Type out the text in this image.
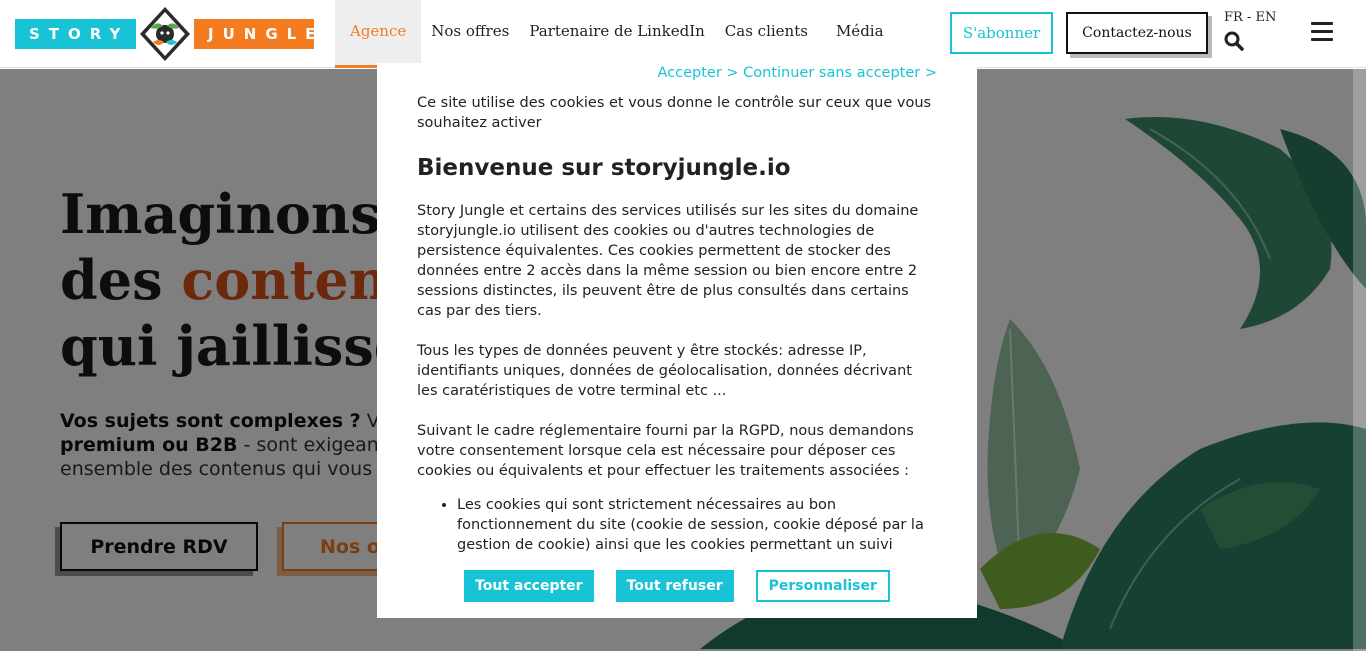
STORY	JUNGLE	Agence	Nos offres	Partenaire de LinkedIn	Cas clients	Média	S'abonner	Contactez-nous
FR - EN
Accepter > Continuer sans accepter >
Ce site utilise des cookies et vous donne le contrôle sur ceux que vous souhaitez activer
Bienvenue sur storyjungle.io
Story Jungle et certains des services utilisés sur les sites du domaine storyjungle.io utilisent des cookies ou d'autres technologies de persistence équivalentes. Ces cookies permettent de stocker des données entre 2 accès dans la même session ou bien encore entre 2 sessions distinctes, ils peuvent être de plus consultés dans certains cas par des tiers.
Tous les types de données peuvent y être stockés: adresse IP, identifiants uniques, données de géolocalisation, données décrivant les caratéristiques de votre terminal etc ...
Suivant le cadre réglementaire fourni par la RGPD, nous demandons votre consentement lorsque cela est nécessaire pour déposer ces cookies ou équivalents et pour effectuer les traitements associées :
• Les cookies qui sont strictement nécessaires au bon fonctionnement du site (cookie de session, cookie déposé par la gestion de cookie) ainsi que les cookies permettant un suivi
Tout accepter	Tout refuser	Personnaliser
